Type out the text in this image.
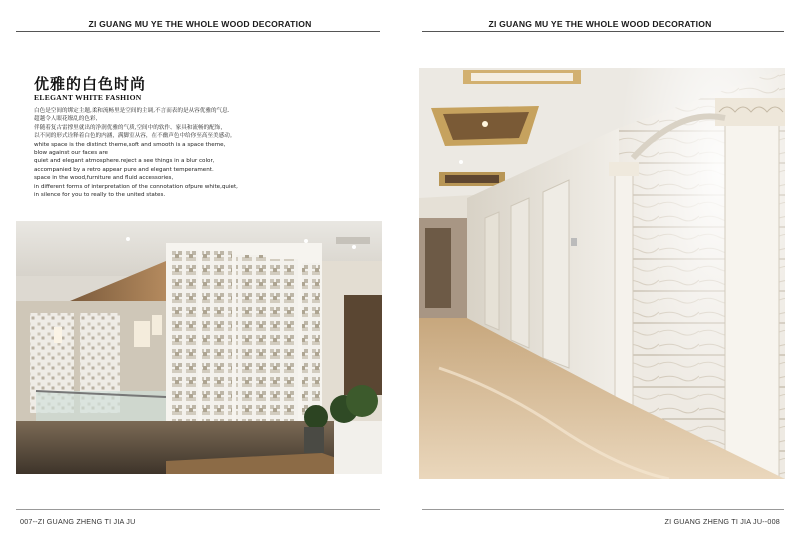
ZI GUANG MU YE THE WHOLE WOOD DECORATION
优雅的白色时尚
ELEGANT WHITE FASHION
白色是空间的绑定主题,柔和流畅里是空间的主调,不言而表的是从容优雅的气息.
超越令人眼花缭乱的色彩,
伴随着复古雷撑里就出的净润优雅的气质,空间中的软作、家具和流畅的配饰，
以不同的形式诠释着白色的内涵，满脚室从容，在不幽声色中给你至高至美感动。
white space is the distinct theme,soft and smooth is a space theme,
blow against our faces are
quiet and elegant atmosphere.reject a see things in a blur color,
accompanied by a retro appear pure and elegant temperament.
space in the wood,furniture and fluid accessories,
in different forms of interpretation of the connotation ofpure white,quiet,
in silence for you to really to the united states.
007--ZI GUANG ZHENG TI JIA JU
ZI GUANG MU YE THE WHOLE WOOD DECORATION
ZI GUANG ZHENG TI JIA JU--008
